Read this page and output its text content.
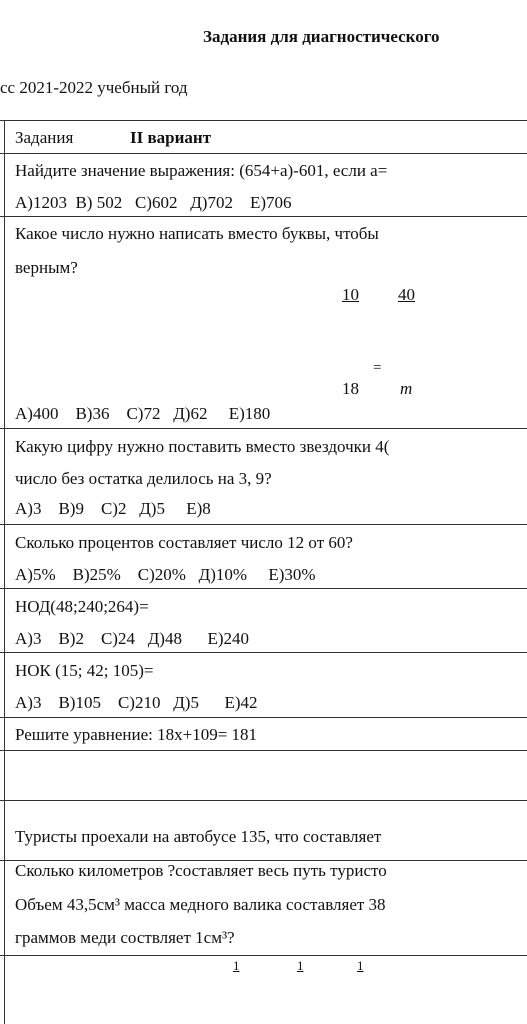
Задания для диагностического
сс 2021-2022 учебный год
Задания	II вариант
Найдите значение выражения: (654+а)-601, если а=
А)1203  В) 502   С)602   Д)702    Е)706
Какое число нужно написать вместо буквы, чтобы
верным?
10 40
=
18 m
А)400    В)36    С)72   Д)62     Е)180
Какую цифру нужно поставить вместо звездочки 4(
число без остатка делилось на 3, 9?
А)3    В)9    С)2   Д)5     Е)8
Сколько процентов составляет число 12 от 60?
А)5%    В)25%    С)20%   Д)10%     Е)30%
НОД(48;240;264)=
А)3    В)2    С)24   Д)48      Е)240
НОК (15; 42; 105)=
А)3    В)105    С)210   Д)5      Е)42
Решите уравнение: 18х+109= 181
Туристы проехали на автобусе 135, что составляет
Сколько километров ?составляет весь путь туристо
Объем 43,5см³ масса медного валика составляет 38
граммов меди соствляет 1см³?
1	1	1
